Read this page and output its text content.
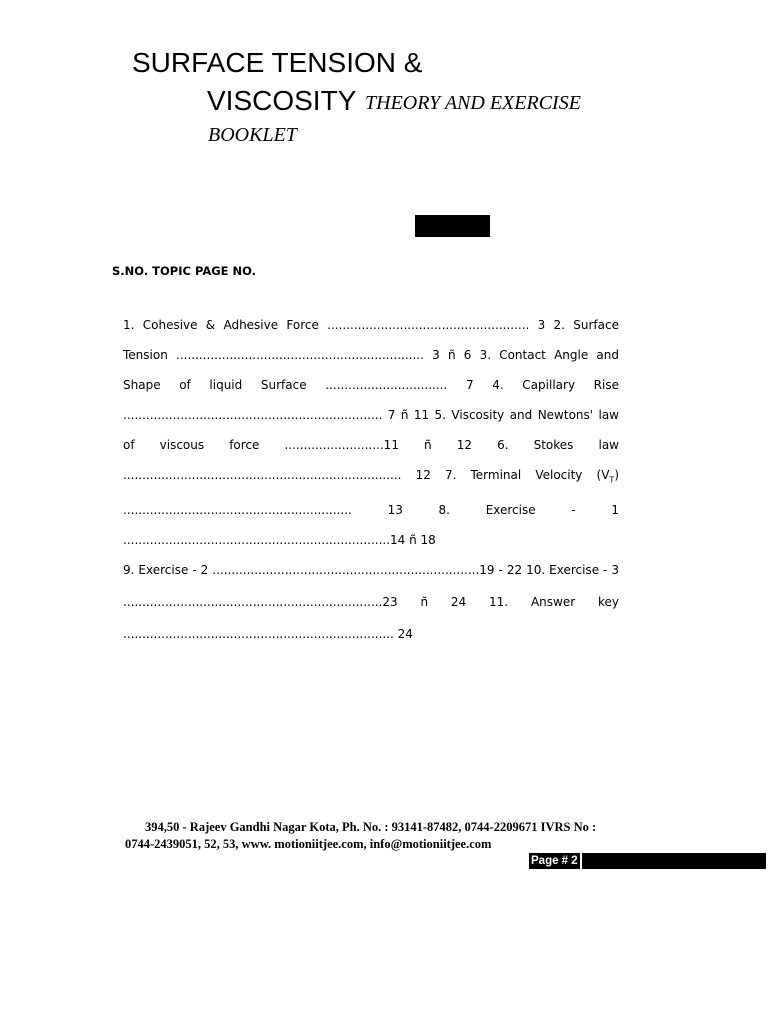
SURFACE TENSION &
VISCOSITY THEORY AND EXERCISE
BOOKLET
S.NO. TOPIC PAGE NO.

1. Cohesive & Adhesive Force ..................................................... 3 2. Surface Tension ................................................................. 3 ñ 6 3. Contact Angle and Shape of liquid Surface ................................ 7 4. Capillary Rise .................................................................... 7 ñ 11 5. Viscosity and Newtons' law of viscous force ..........................11 ñ 12 6. Stokes law ......................................................................... 12 7. Terminal Velocity $(V_T)$ ............................................................ 13 8. Exercise - 1 ......................................................................14 ñ 18

9. Exercise - 2 ......................................................................19 - 22 10. Exercise - 3 ....................................................................23 ñ 24 11. Answer key ....................................................................... 24

394,50 - Rajeev Gandhi Nagar Kota, Ph. No. : 93141-87482, 0744-2209671 IVRS No :
0744-2439051, 52, 53, www. motioniitjee.com, info@motioniitjee.com
Page # 2
